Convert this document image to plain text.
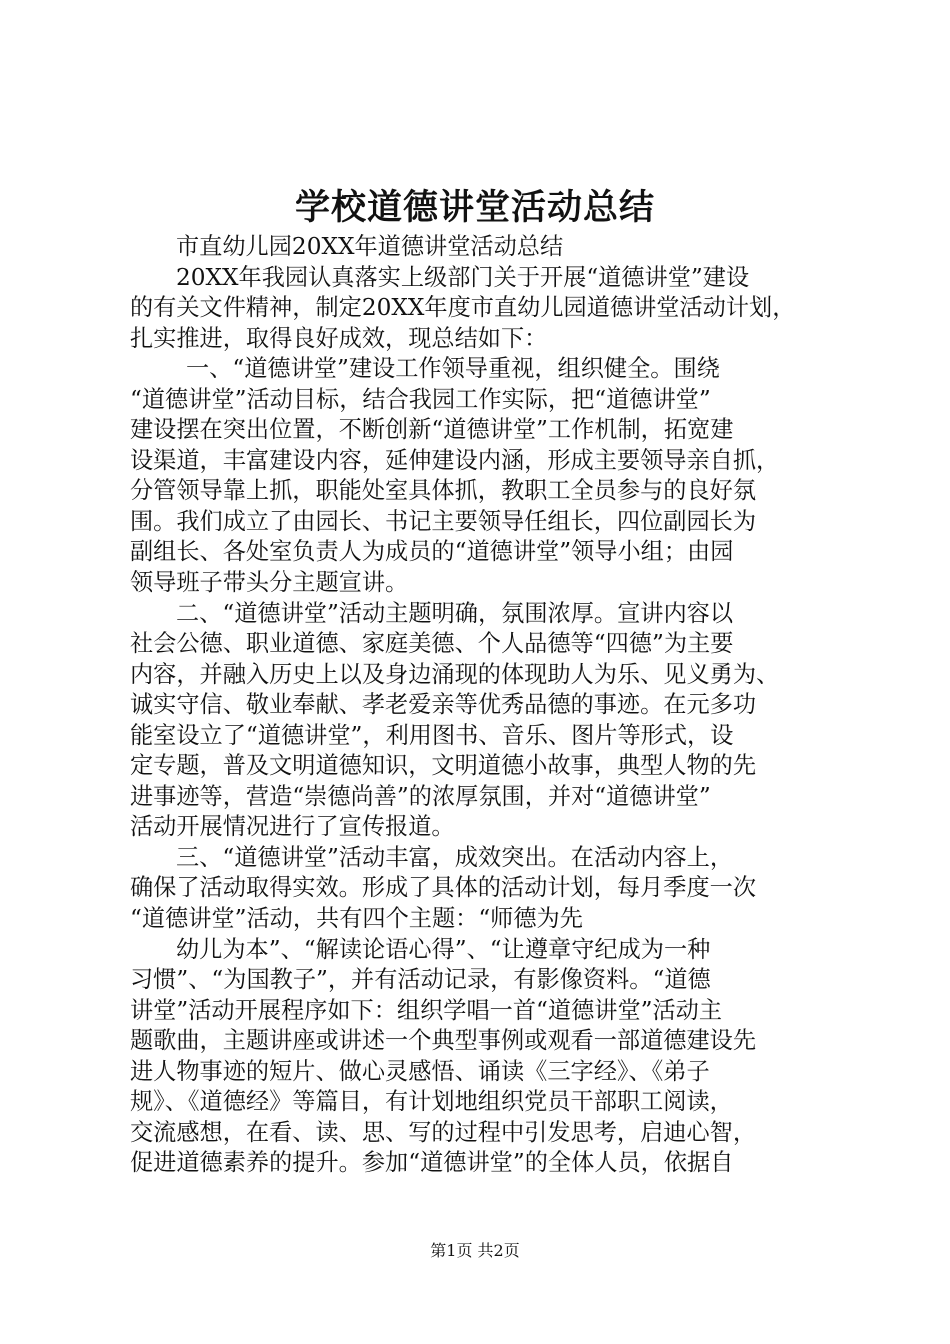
学校道德讲堂活动总结
市直幼儿园20XX年道德讲堂活动总结
20XX年我园认真落实上级部门关于开展“道德讲堂”建设
的有关文件精神，制定20XX年度市直幼儿园道德讲堂活动计划，
扎实推进，取得良好成效，现总结如下：
一、“道德讲堂”建设工作领导重视，组织健全。围绕
“道德讲堂”活动目标，结合我园工作实际，把“道德讲堂”
建设摆在突出位置，不断创新“道德讲堂”工作机制，拓宽建
设渠道，丰富建设内容，延伸建设内涵，形成主要领导亲自抓，
分管领导靠上抓，职能处室具体抓，教职工全员参与的良好氛
围。我们成立了由园长、书记主要领导任组长，四位副园长为
副组长、各处室负责人为成员的“道德讲堂”领导小组；由园
领导班子带头分主题宣讲。
二、“道德讲堂”活动主题明确，氛围浓厚。宣讲内容以
社会公德、职业道德、家庭美德、个人品德等“四德”为主要
内容，并融入历史上以及身边涌现的体现助人为乐、见义勇为、
诚实守信、敬业奉献、孝老爱亲等优秀品德的事迹。在元多功
能室设立了“道德讲堂”，利用图书、音乐、图片等形式，设
定专题，普及文明道德知识，文明道德小故事，典型人物的先
进事迹等，营造“崇德尚善”的浓厚氛围，并对“道德讲堂”
活动开展情况进行了宣传报道。
三、“道德讲堂”活动丰富，成效突出。在活动内容上，
确保了活动取得实效。形成了具体的活动计划，每月季度一次
“道德讲堂”活动，共有四个主题：“师德为先
幼儿为本”、“解读论语心得”、“让遵章守纪成为一种
习惯”、“为国教子”，并有活动记录，有影像资料。“道德
讲堂”活动开展程序如下：组织学唱一首“道德讲堂”活动主
题歌曲，主题讲座或讲述一个典型事例或观看一部道德建设先
进人物事迹的短片、做心灵感悟、诵读《三字经》、《弟子
规》、《道德经》等篇目，有计划地组织党员干部职工阅读，
交流感想，在看、读、思、写的过程中引发思考，启迪心智，
促进道德素养的提升。参加“道德讲堂”的全体人员，依据自
第1页 共2页
